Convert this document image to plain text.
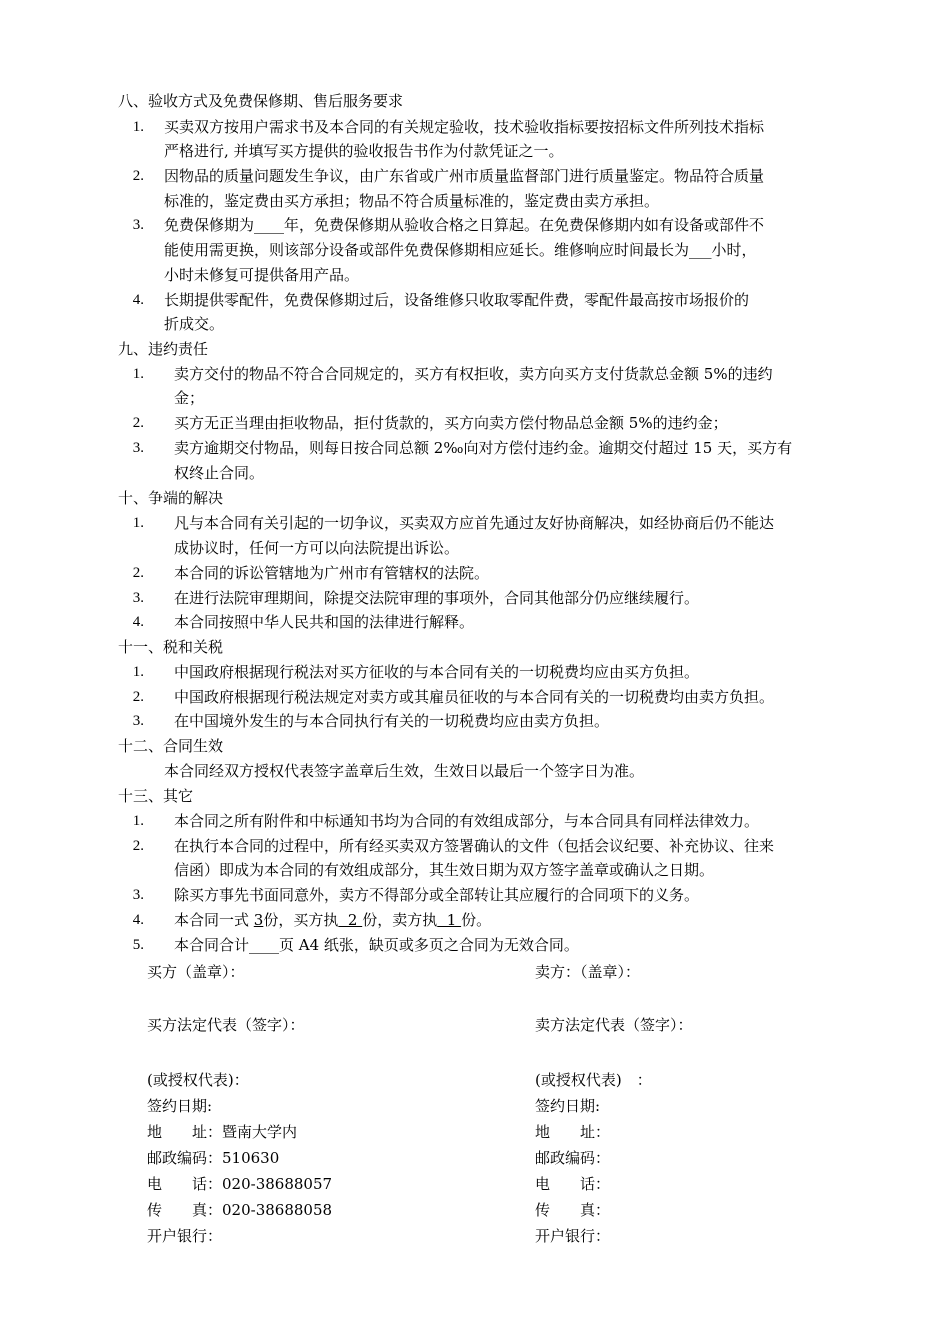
八、验收方式及免费保修期、售后服务要求
1. 买卖双方按用户需求书及本合同的有关规定验收，技术验收指标要按招标文件所列技术指标
严格进行, 并填写买方提供的验收报告书作为付款凭证之一。
2. 因物品的质量问题发生争议，由广东省或广州市质量监督部门进行质量鉴定。物品符合质量
标准的，鉴定费由买方承担；物品不符合质量标准的，鉴定费由卖方承担。
3. 免费保修期为____年，免费保修期从验收合格之日算起。在免费保修期内如有设备或部件不
能使用需更换，则该部分设备或部件免费保修期相应延长。维修响应时间最长为___小时，
小时未修复可提供备用产品。
4. 长期提供零配件，免费保修期过后，设备维修只收取零配件费，零配件最高按市场报价的
折成交。
九、违约责任
1. 卖方交付的物品不符合合同规定的，买方有权拒收，卖方向买方支付货款总金额 5%的违约
金；
2. 买方无正当理由拒收物品，拒付货款的，买方向卖方偿付物品总金额 5%的违约金；
3. 卖方逾期交付物品，则每日按合同总额 2‰向对方偿付违约金。逾期交付超过 15 天，买方有
权终止合同。
十、争端的解决
1. 凡与本合同有关引起的一切争议，买卖双方应首先通过友好协商解决，如经协商后仍不能达
成协议时，任何一方可以向法院提出诉讼。
2. 本合同的诉讼管辖地为广州市有管辖权的法院。
3. 在进行法院审理期间，除提交法院审理的事项外，合同其他部分仍应继续履行。
4. 本合同按照中华人民共和国的法律进行解释。
十一、税和关税
1. 中国政府根据现行税法对买方征收的与本合同有关的一切税费均应由买方负担。
2. 中国政府根据现行税法规定对卖方或其雇员征收的与本合同有关的一切税费均由卖方负担。
3. 在中国境外发生的与本合同执行有关的一切税费均应由卖方负担。
十二、合同生效
本合同经双方授权代表签字盖章后生效，生效日以最后一个签字日为准。
十三、其它
1. 本合同之所有附件和中标通知书均为合同的有效组成部分，与本合同具有同样法律效力。
2. 在执行本合同的过程中，所有经买卖双方签署确认的文件（包括会议纪要、补充协议、往来
信函）即成为本合同的有效组成部分，其生效日期为双方签字盖章或确认之日期。
3. 除买方事先书面同意外，卖方不得部分或全部转让其应履行的合同项下的义务。
4. 本合同一式 3份，买方执  2 份，卖方执  1 份。
5. 本合同合计____页 A4 纸张，缺页或多页之合同为无效合同。
买方（盖章）：
买方法定代表（签字）：
(或授权代表)：
签约日期:
地　　址：暨南大学内
邮政编码：510630
电　　话：020-38688057
传　　真：020-38688058
开户银行：
卖方：（盖章）：
卖方法定代表（签字）：
(或授权代表)　：
签约日期:
地　　址：
邮政编码：
电　　话：
传　　真：
开户银行：
